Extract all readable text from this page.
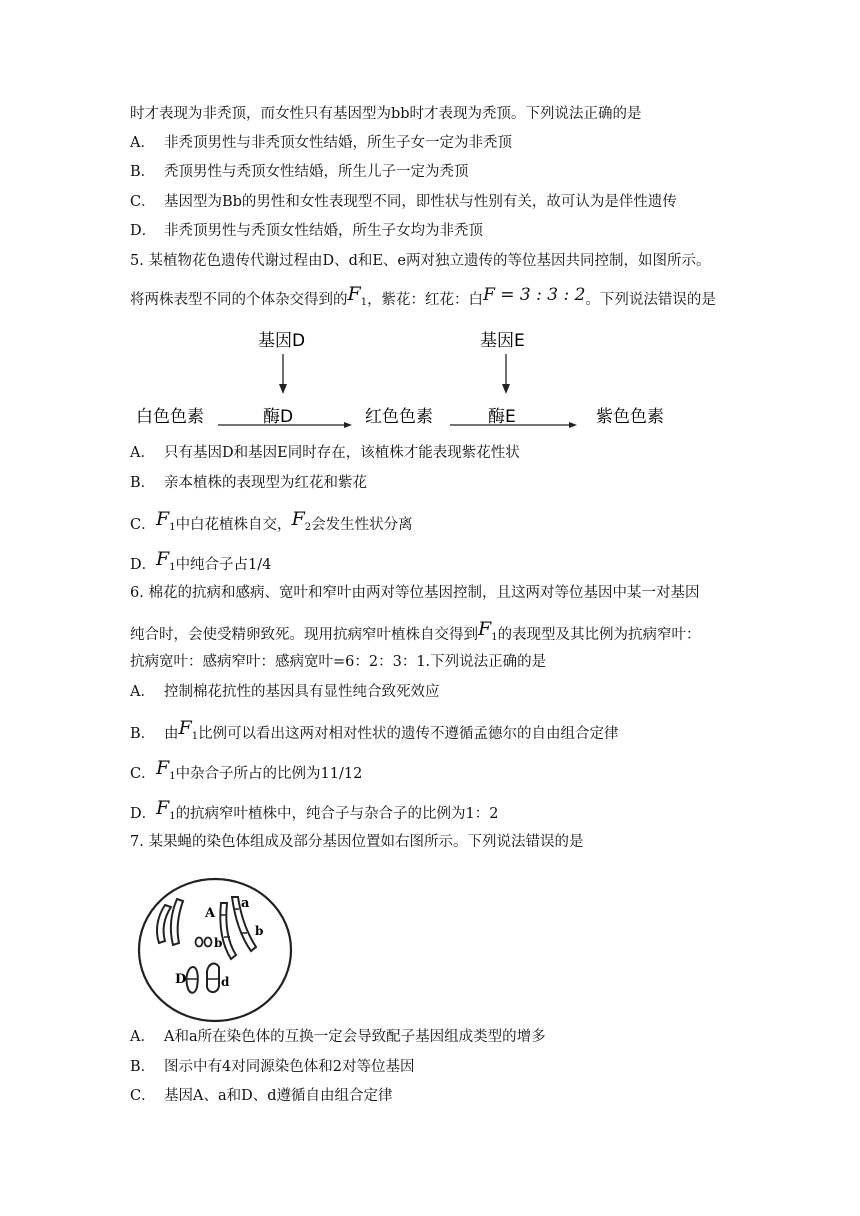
时才表现为非秃顶，而女性只有基因型为bb时才表现为秃顶。下列说法正确的是

A． 非秃顶男性与非秃顶女性结婚，所生子女一定为非秃顶

B． 秃顶男性与秃顶女性结婚，所生儿子一定为秃顶

C． 基因型为Bb的男性和女性表现型不同，即性状与性别有关，故可认为是伴性遗传

D． 非秃顶男性与秃顶女性结婚，所生子女均为非秃顶

5. 某植物花色遗传代谢过程由D、d和E、e两对独立遗传的等位基因共同控制，如图所示。

将两株表型不同的个体杂交得到的$F_1$，紫花：红花：白F = 3 : 3 : 2。下列说法错误的是

基因D	基因E
白色色素	酶D	红色色素	酶E	紫色色素

A． 只有基因D和基因E同时存在，该植株才能表现紫花性状

B． 亲本植株的表现型为红花和紫花

C．$F_1$中白花植株自交，$F_2$会发生性状分离

D．$F_1$中纯合子占1/4

6. 棉花的抗病和感病、宽叶和窄叶由两对等位基因控制，且这两对等位基因中某一对基因

纯合时，会使受精卵致死。现用抗病窄叶植株自交得到$F_1$的表现型及其比例为抗病窄叶：

抗病宽叶：感病窄叶：感病宽叶=6：2：3：1.下列说法正确的是

A． 控制棉花抗性的基因具有显性纯合致死效应

B． 由$F_1$比例可以看出这两对相对性状的遗传不遵循孟德尔的自由组合定律

C．$F_1$中杂合子所占的比例为11/12

D．$F_1$的抗病窄叶植株中，纯合子与杂合子的比例为1：2

7. 某果蝇的染色体组成及部分基因位置如右图所示。下列说法错误的是

A
a
b
b
D	d

A． A和a所在染色体的互换一定会导致配子基因组成类型的增多

B． 图示中有4对同源染色体和2对等位基因

C． 基因A、a和D、d遵循自由组合定律
